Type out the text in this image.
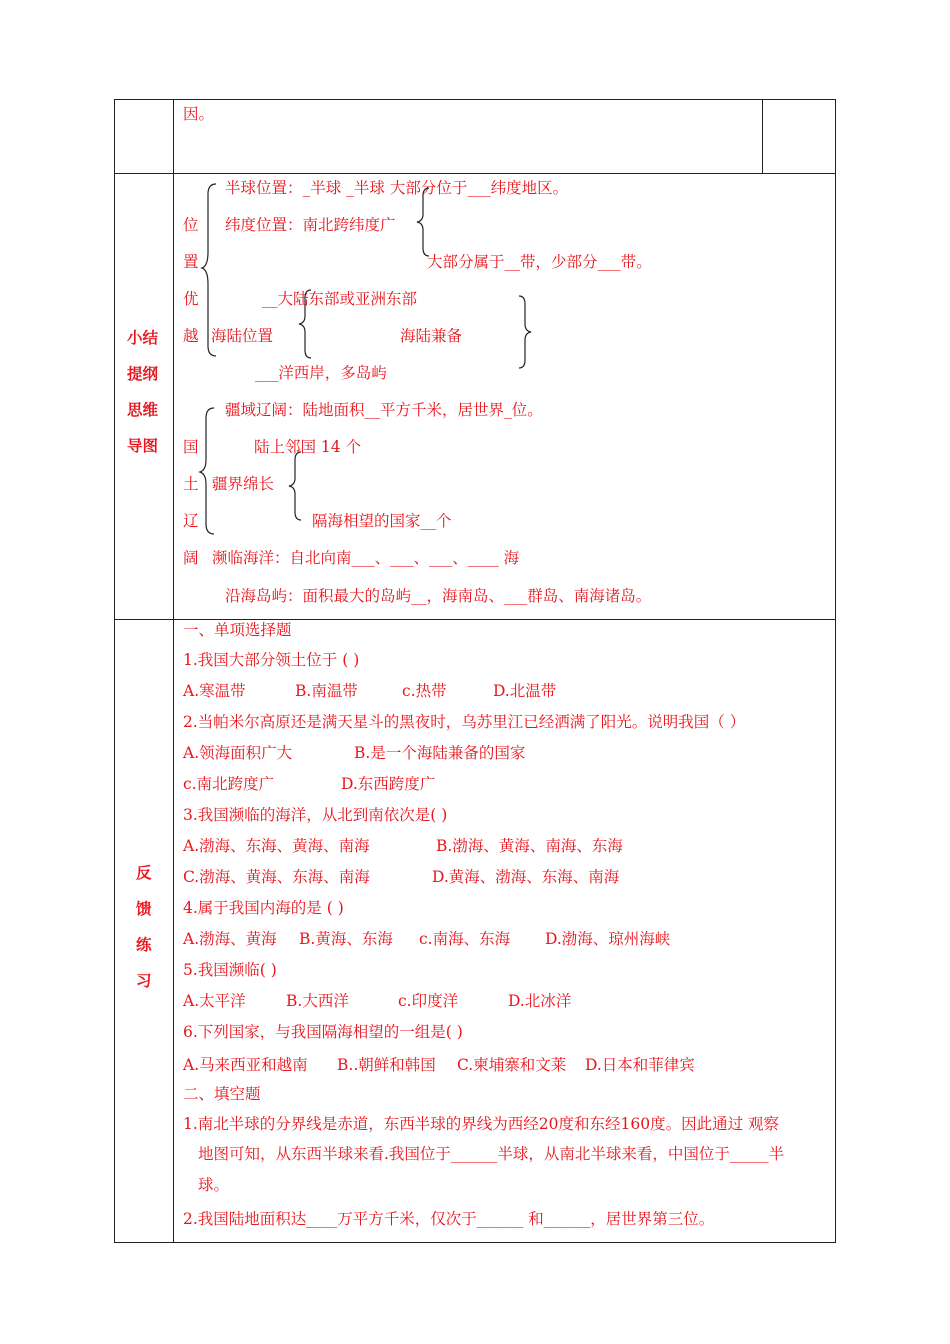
因。
小结
提纲
思维
导图
位
置
优
越
半球位置：_半球 _半球 大部分位于___纬度地区。
纬度位置：南北跨纬度广
大部分属于__带，少部分___带。
__大陆东部或亚洲东部
海陆位置	海陆兼备
___洋西岸，多岛屿
疆域辽阔：陆地面积__平方千米，居世界_位。
国
土
辽
阔
陆上邻国 14 个
疆界绵长
隔海相望的国家__个
濒临海洋：自北向南___、___、___、____ 海
沿海岛屿：面积最大的岛屿__，海南岛、___群岛、南海诸岛。
反
馈
练
习
一、单项选择题
1.我国大部分领土位于 ( )
A.寒温带	B.南温带	c.热带	D.北温带
2.当帕米尔高原还是满天星斗的黑夜时，乌苏里江已经洒满了阳光。说明我国（ ）
A.领海面积广大	B.是一个海陆兼备的国家
c.南北跨度广	D.东西跨度广
3.我国濒临的海洋，从北到南依次是( )
A.渤海、东海、黄海、南海	B.渤海、黄海、南海、东海
C.渤海、黄海、东海、南海	D.黄海、渤海、东海、南海
4.属于我国内海的是 ( )
A.渤海、黄海 B.黄海、东海 c.南海、东海 D.渤海、琼州海峡
5.我国濒临( )
A.太平洋	B.大西洋	c.印度洋	D.北冰洋
6.下列国家，与我国隔海相望的一组是( )
A.马来西亚和越南 B..朝鲜和韩国 C.柬埔寨和文莱 D.日本和菲律宾
二、填空题
1.南北半球的分界线是赤道，东西半球的界线为西经20度和东经160度。因此通过 观察
地图可知，从东西半球来看.我国位于______半球，从南北半球来看，中国位于_____半
球。
2.我国陆地面积达____万平方千米，仅次于______ 和______，居世界第三位。
